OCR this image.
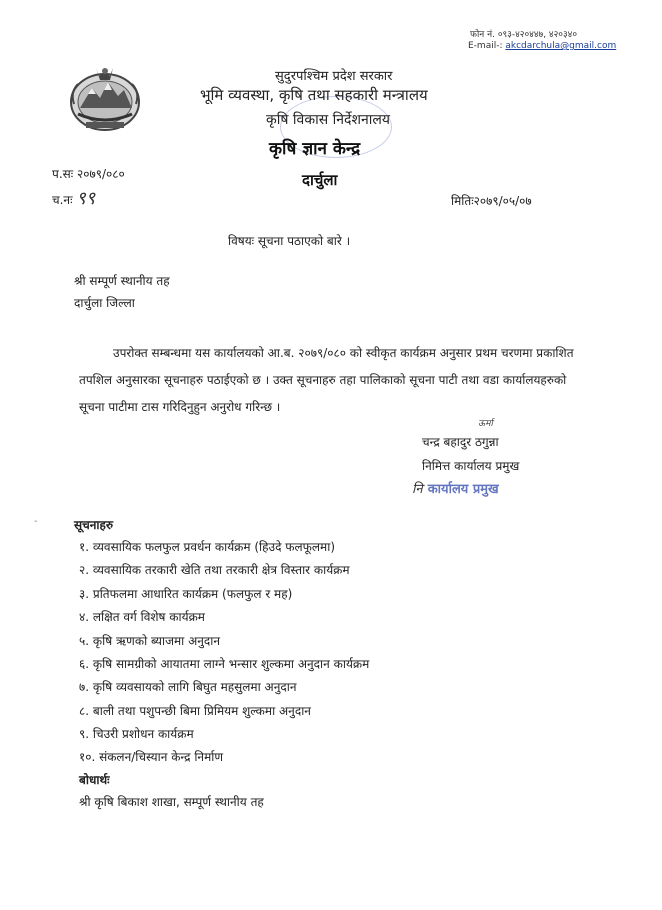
फोन नं. ०९३-४२०४४७, ४२०३४०
E-mail-: akcdarchula@gmail.com
सुदुरपश्चिम प्रदेश सरकार
भूमि व्यवस्था, कृषि तथा सहकारी मन्त्रालय
कृषि विकास निर्देशनालय
कृषि ज्ञान केन्द्र
दार्चुला
प.सः २०७९/०८०
च.नः ९९	मितिः२०७९/०५/०७
विषयः सूचना पठाएको बारे ।
श्री सम्पूर्ण स्थानीय तह
दार्चुला जिल्ला
उपरोक्त सम्बन्धमा यस कार्यालयको आ.ब. २०७९/०८० को स्वीकृत कार्यक्रम अनुसार प्रथम चरणमा प्रकाशित तपशिल अनुसारका सूचनाहरु पठाईएको छ । उक्त सूचनाहरु तहा पालिकाको सूचना पाटी तथा वडा कार्यालयहरुको सूचना पाटीमा टास गरिदिनुहुन अनुरोध गरिन्छ ।
ऊर्मा
चन्द्र बहादुर ठगुन्ना
निमित्त कार्यालय प्रमुख
नि कार्यालय प्रमुख
-	सूचनाहरु
१. व्यवसायिक फलफुल प्रवर्धन कार्यक्रम (हिउदे फलफूलमा)
२. व्यवसायिक तरकारी खेति तथा तरकारी क्षेत्र विस्तार कार्यक्रम
३. प्रतिफलमा आधारित कार्यक्रम (फलफुल र मह)
४. लक्षित वर्ग विशेष कार्यक्रम
५. कृषि ऋणको ब्याजमा अनुदान
६. कृषि सामग्रीको आयातमा लाग्ने भन्सार शुल्कमा अनुदान कार्यक्रम
७. कृषि व्यवसायको लागि बिघुत महसुलमा अनुदान
८. बाली तथा पशुपन्छी बिमा प्रिमियम शुल्कमा अनुदान
९. चिउरी प्रशोधन कार्यक्रम
१०. संकलन/चिस्यान केन्द्र निर्माण
बोधार्थः
श्री कृषि बिकाश शाखा, सम्पूर्ण स्थानीय तह
